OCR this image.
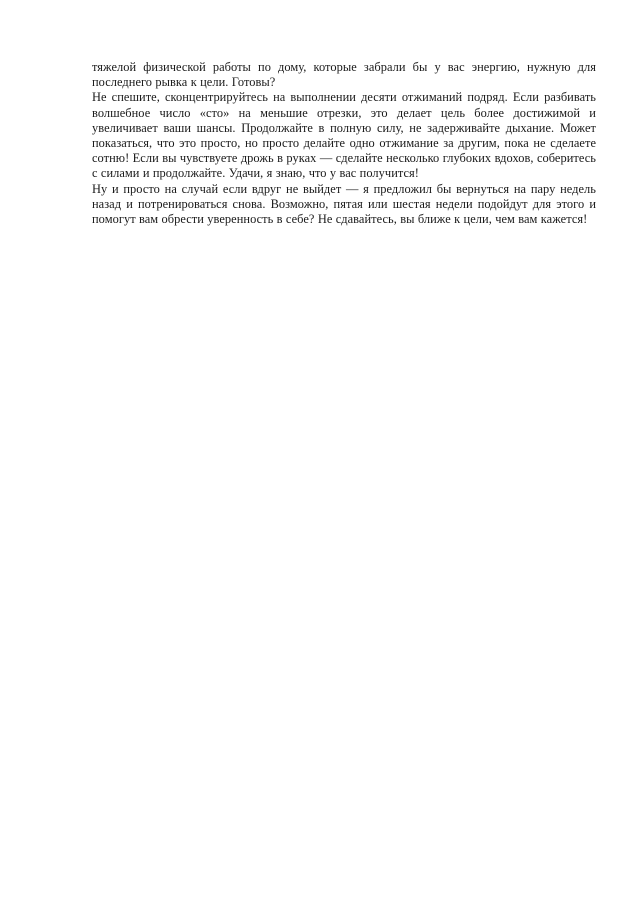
тяжелой физической работы по дому, которые забрали бы у вас энергию, нужную для последнего рывка к цели. Готовы?

Не спешите, сконцентрируйтесь на выполнении десяти отжиманий подряд. Если разбивать волшебное число «сто» на меньшие отрезки, это делает цель более достижимой и увеличивает ваши шансы. Продолжайте в полную силу, не задерживайте дыхание. Может показаться, что это просто, но просто делайте одно отжимание за другим, пока не сделаете сотню! Если вы чувствуете дрожь в руках — сделайте несколько глубоких вдохов, соберитесь с силами и продолжайте. Удачи, я знаю, что у вас получится!

Ну и просто на случай если вдруг не выйдет — я предложил бы вернуться на пару недель назад и потренироваться снова. Возможно, пятая или шестая недели подойдут для этого и помогут вам обрести уверенность в себе? Не сдавайтесь, вы ближе к цели, чем вам кажется!
